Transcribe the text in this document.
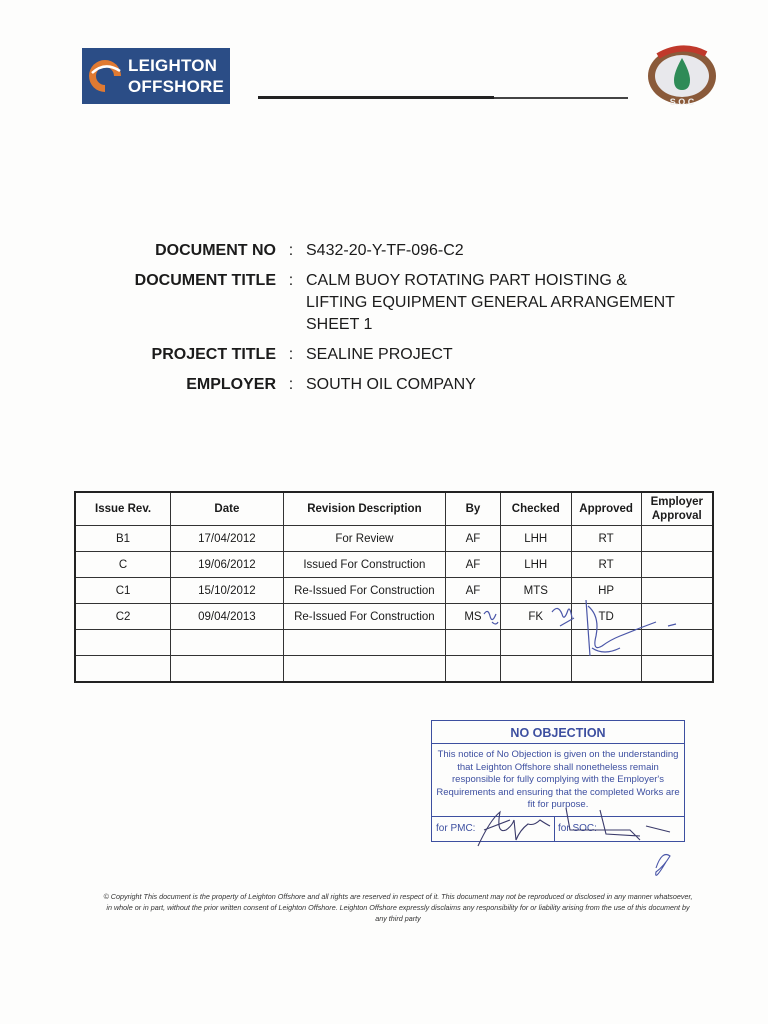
LEIGHTON
OFFSHORE
S.O.C
DOCUMENT NO : S432-20-Y-TF-096-C2
DOCUMENT TITLE : CALM BUOY ROTATING PART HOISTING &
LIFTING EQUIPMENT GENERAL ARRANGEMENT
SHEET 1
PROJECT TITLE : SEALINE PROJECT
EMPLOYER : SOUTH OIL COMPANY
Issue Rev.	Date	Revision Description	By	Checked	Approved	Employer Approval
B1	17/04/2012	For Review	AF	LHH	RT	
C	19/06/2012	Issued For Construction	AF	LHH	RT	
C1	15/10/2012	Re-Issued For Construction	AF	MTS	HP	
C2	09/04/2013	Re-Issued For Construction	MS	FK	TD	

NO OBJECTION
This notice of No Objection is given on the understanding that Leighton Offshore shall nonetheless remain responsible for fully complying with the Employer's Requirements and ensuring that the completed Works are fit for purpose.
for PMC:	for SOC:
© Copyright This document is the property of Leighton Offshore and all rights are reserved in respect of it. This document may not be reproduced or disclosed in any manner whatsoever, in whole or in part, without the prior written consent of Leighton Offshore. Leighton Offshore expressly disclaims any responsibility for or liability arising from the use of this document by any third party
